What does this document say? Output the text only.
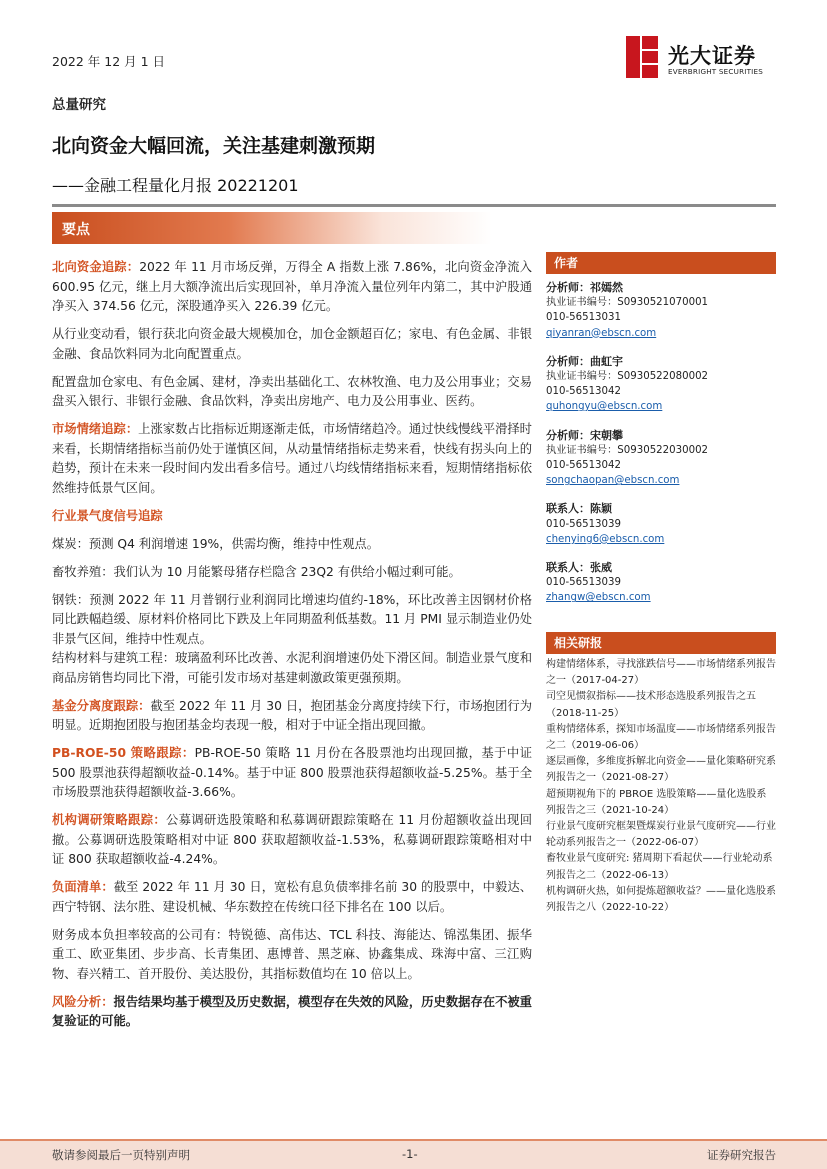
2022 年 12 月 1 日	光大证券
EVERBRIGHT SECURITIES
总量研究
北向资金大幅回流，关注基建刺激预期
——金融工程量化月报 20221201
要点

北向资金追踪：2022 年 11 月市场反弹，万得全 A 指数上涨 7.86%，北向资金净流入 600.95 亿元，继上月大额净流出后实现回补，单月净流入量位列年内第二，其中沪股通净买入 374.56 亿元，深股通净买入 226.39 亿元。

从行业变动看，银行获北向资金最大规模加仓，加仓金额超百亿；家电、有色金属、非银金融、食品饮料同为北向配置重点。

配置盘加仓家电、有色金属、建材，净卖出基础化工、农林牧渔、电力及公用事业；交易盘买入银行、非银行金融、食品饮料，净卖出房地产、电力及公用事业、医药。

市场情绪追踪：上涨家数占比指标近期逐渐走低，市场情绪趋冷。通过快线慢线平滑择时来看，长期情绪指标当前仍处于谨慎区间，从动量情绪指标走势来看，快线有拐头向上的趋势，预计在未来一段时间内发出看多信号。通过八均线情绪指标来看，短期情绪指标依然维持低景气区间。

行业景气度信号追踪

煤炭：预测 Q4 利润增速 19%，供需均衡，维持中性观点。

畜牧养殖：我们认为 10 月能繁母猪存栏隐含 23Q2 有供给小幅过剩可能。

钢铁：预测 2022 年 11 月普钢行业利润同比增速均值约-18%，环比改善主因钢材价格同比跌幅趋缓、原材料价格同比下跌及上年同期盈利低基数。11 月 PMI 显示制造业仍处非景气区间，维持中性观点。

结构材料与建筑工程：玻璃盈利环比改善、水泥利润增速仍处下滑区间。制造业景气度和商品房销售均同比下滑，可能引发市场对基建刺激政策更强预期。

基金分离度跟踪：截至 2022 年 11 月 30 日，抱团基金分离度持续下行，市场抱团行为明显。近期抱团股与抱团基金均表现一般，相对于中证全指出现回撤。

PB-ROE-50 策略跟踪：PB-ROE-50 策略 11 月份在各股票池均出现回撤，基于中证 500 股票池获得超额收益-0.14%。基于中证 800 股票池获得超额收益-5.25%。基于全市场股票池获得超额收益-3.66%。

机构调研策略跟踪：公募调研选股策略和私募调研跟踪策略在 11 月份超额收益出现回撤。公募调研选股策略相对中证 800 获取超额收益-1.53%，私募调研跟踪策略相对中证 800 获取超额收益-4.24%。

负面清单：截至 2022 年 11 月 30 日，宽松有息负债率排名前 30 的股票中，中毅达、西宁特钢、法尔胜、建设机械、华东数控在传统口径下排名在 100 以后。

财务成本负担率较高的公司有：特锐德、高伟达、TCL 科技、海能达、锦泓集团、振华重工、欧亚集团、步步高、长青集团、惠博普、黑芝麻、协鑫集成、珠海中富、三江购物、春兴精工、首开股份、美达股份，其指标数值均在 10 倍以上。

风险分析：报告结果均基于模型及历史数据，模型存在失效的风险，历史数据存在不被重复验证的可能。

作者
分析师：祁嫣然
执业证书编号：S0930521070001
010-56513031
qiyanran@ebscn.com
分析师：曲虹宇
执业证书编号：S0930522080002
010-56513042
quhongyu@ebscn.com
分析师：宋朝攀
执业证书编号：S0930522030002
010-56513042
songchaopan@ebscn.com
联系人：陈颖
010-56513039
chenying6@ebscn.com
联系人：张威
010-56513039
zhangw@ebscn.com
相关研报
构建情绪体系，寻找涨跌信号——市场情绪系列报告之一（2017-04-27）
司空见惯叙指标——技术形态选股系列报告之五（2018-11-25）
重构情绪体系，探知市场温度——市场情绪系列报告之二（2019-06-06）
逐层画像，多维度拆解北向资金——量化策略研究系列报告之一（2021-08-27）
超预期视角下的 PBROE 选股策略——量化选股系列报告之三（2021-10-24）
行业景气度研究框架暨煤炭行业景气度研究——行业轮动系列报告之一（2022-06-07）
畜牧业景气度研究: 猪周期下看起伏——行业轮动系列报告之二（2022-06-13）
机构调研火热，如何提炼超额收益？——量化选股系列报告之八（2022-10-22）
敬请参阅最后一页特别声明	-1-	证券研究报告
